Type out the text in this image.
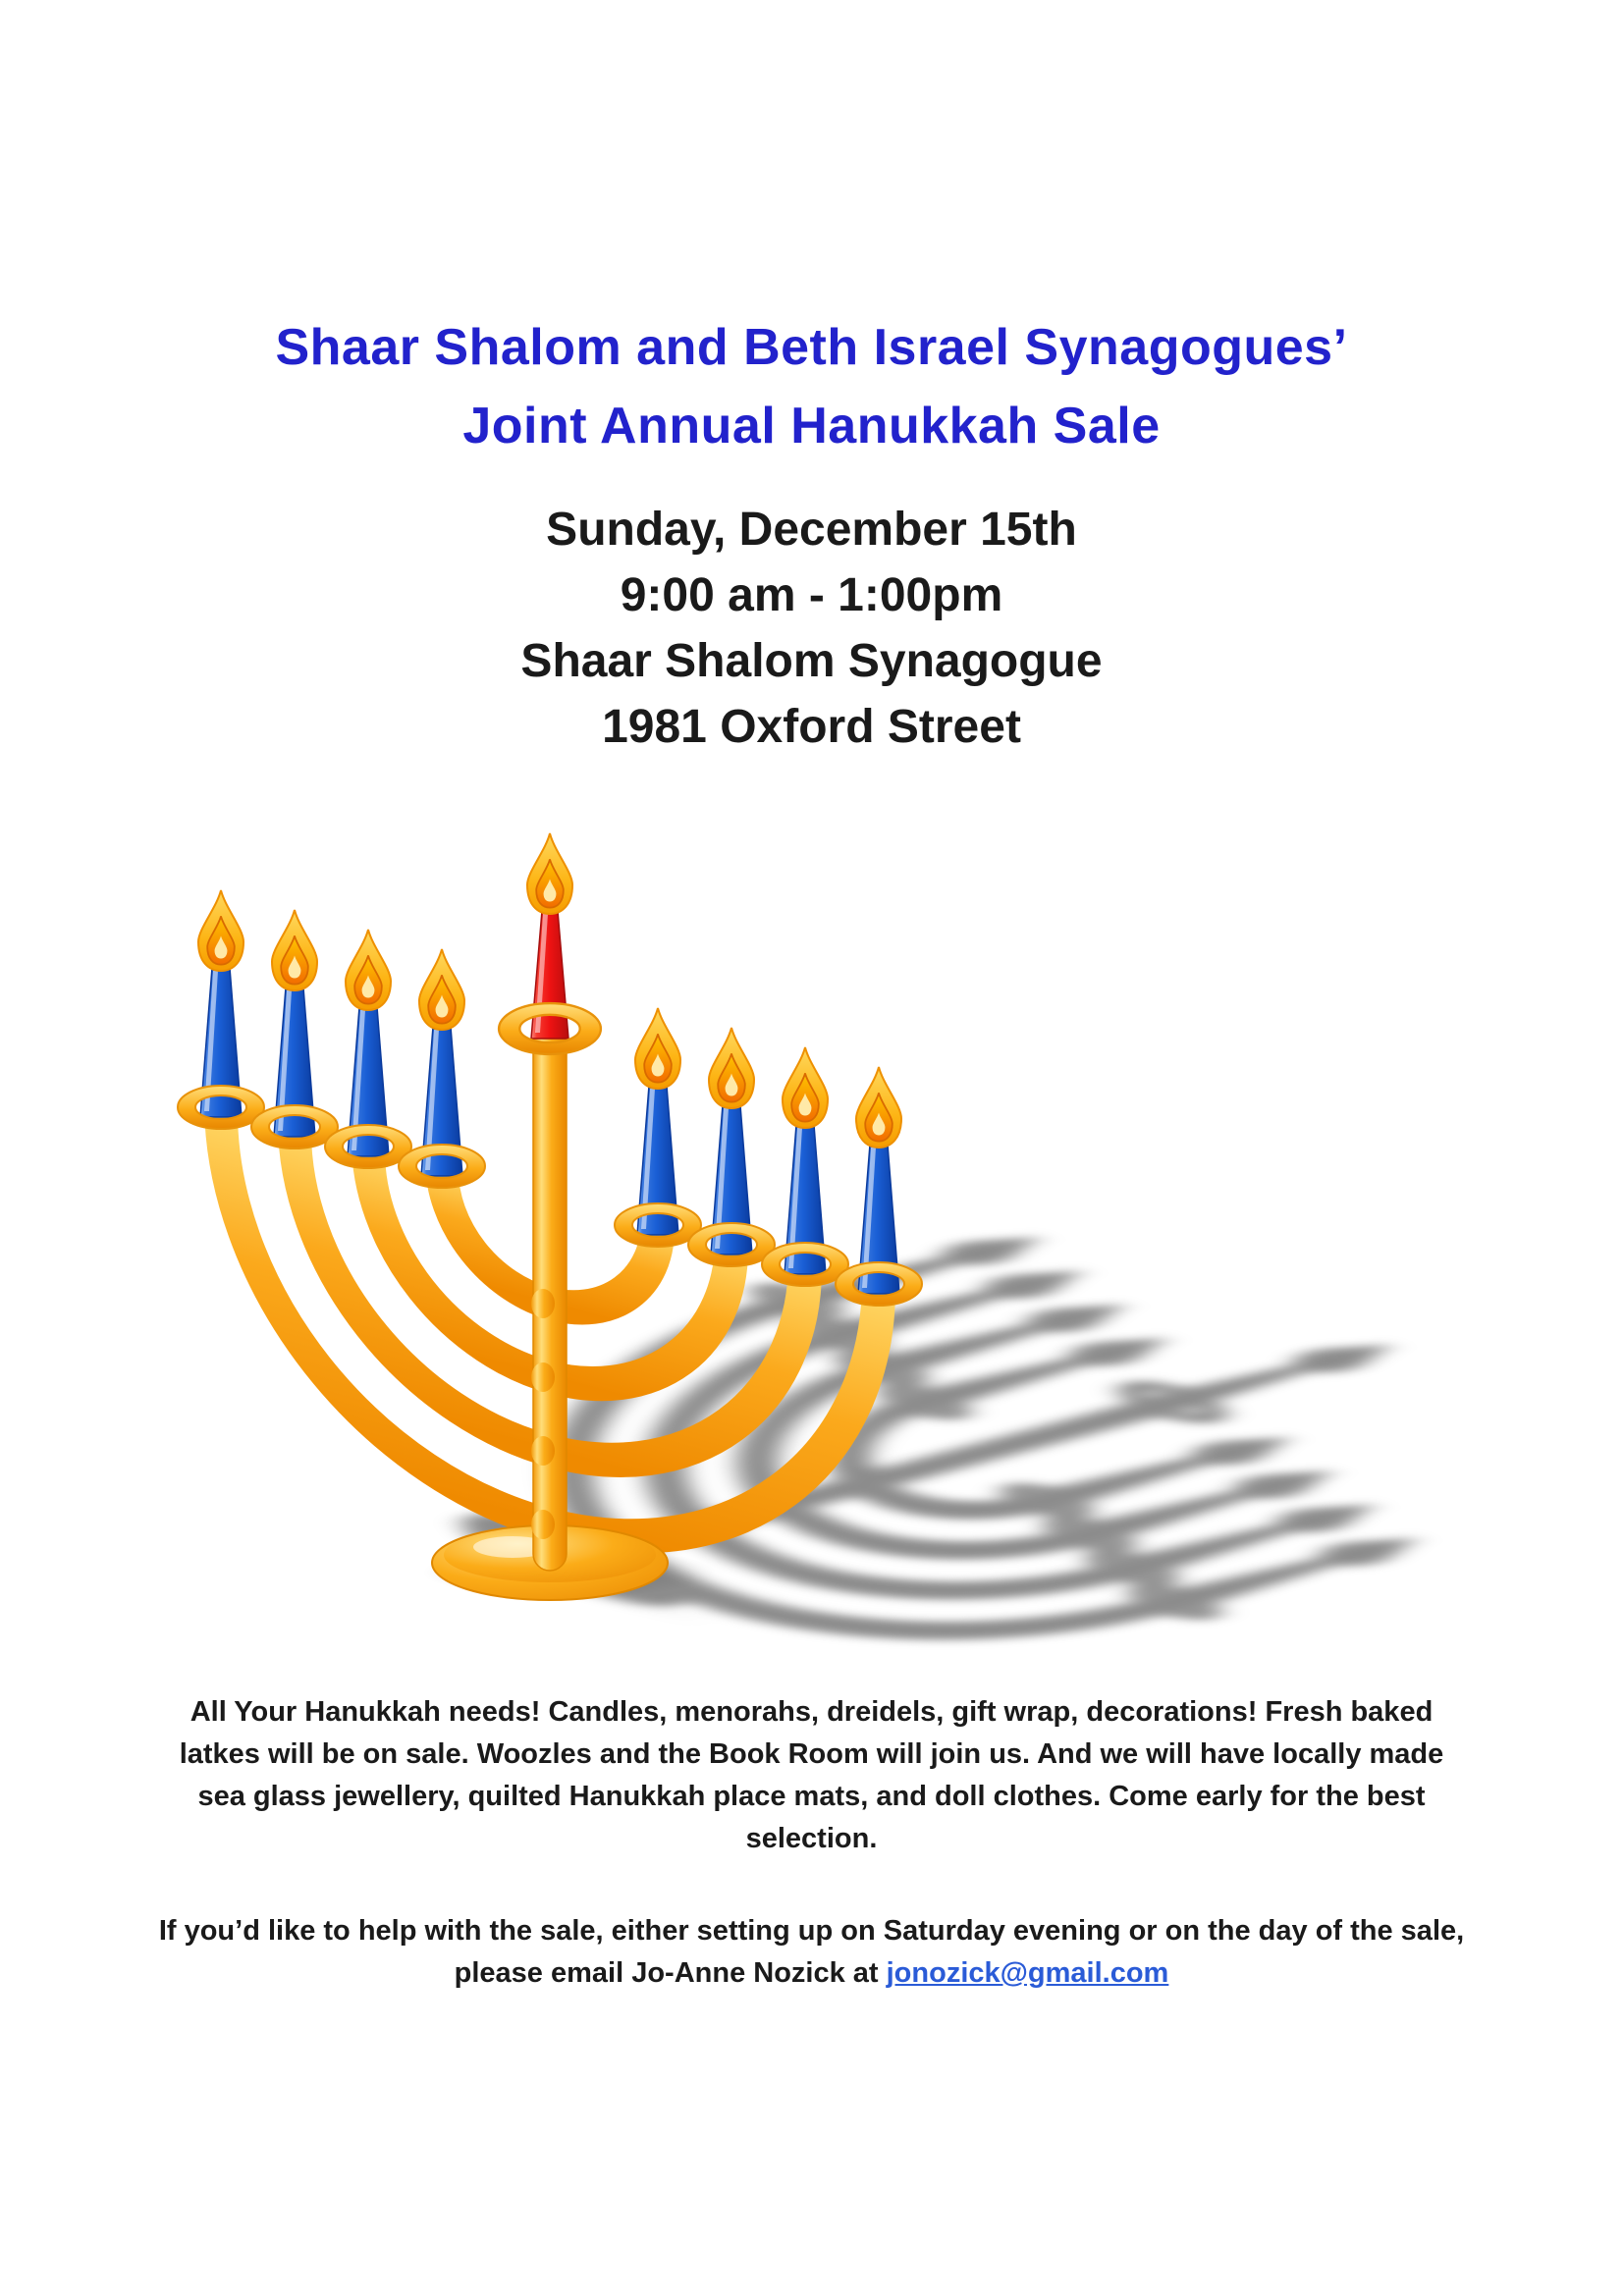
Shaar Shalom and Beth Israel Synagogues’
Joint Annual Hanukkah Sale
Sunday, December 15th
9:00 am - 1:00pm
Shaar Shalom Synagogue
1981 Oxford Street

All Your Hanukkah needs! Candles, menorahs, dreidels, gift wrap, decorations! Fresh baked latkes will be on sale. Woozles and the Book Room will join us. And we will have locally made sea glass jewellery, quilted Hanukkah place mats, and doll clothes. Come early for the best selection.

If you’d like to help with the sale, either setting up on Saturday evening or on the day of the sale, please email Jo-Anne Nozick at jonozick@gmail.com
